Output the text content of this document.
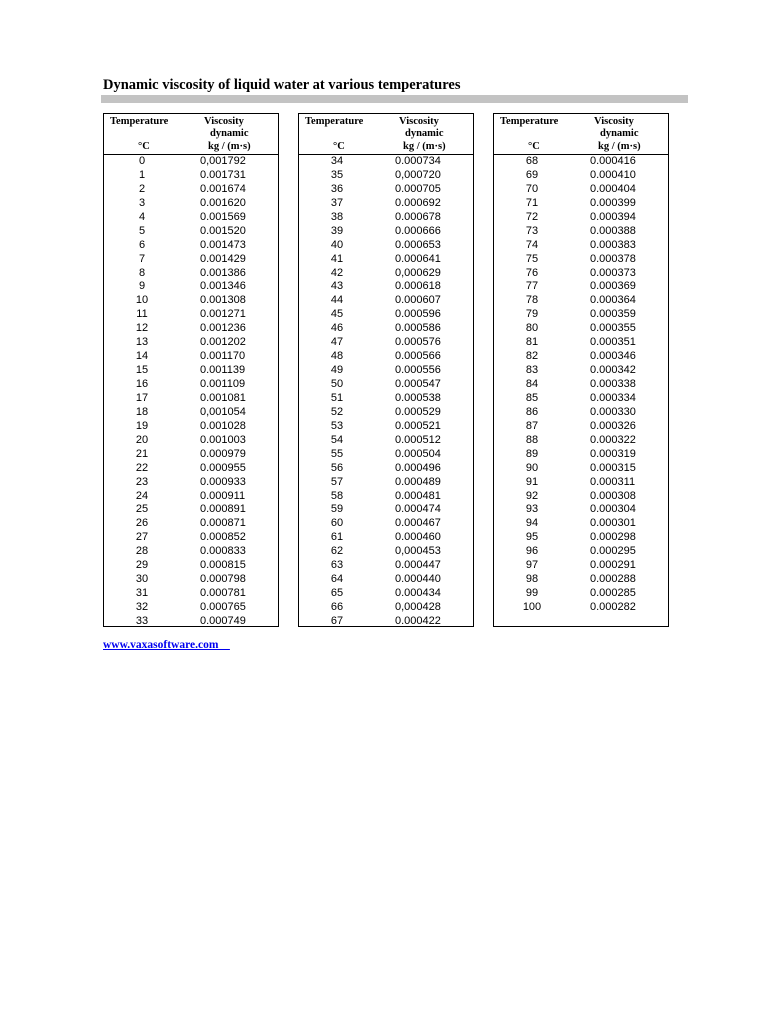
Dynamic viscosity of liquid water at various temperatures
Temperature	Viscosity
dynamic
°C	kg / (m·s)
0	0,001792
1	0.001731
2	0.001674
3	0.001620
4	0.001569
5	0.001520
6	0.001473
7	0.001429
8	0.001386
9	0.001346
10	0.001308
11	0.001271
12	0.001236
13	0.001202
14	0.001170
15	0.001139
16	0.001109
17	0.001081
18	0,001054
19	0.001028
20	0.001003
21	0.000979
22	0.000955
23	0.000933
24	0.000911
25	0.000891
26	0.000871
27	0.000852
28	0.000833
29	0.000815
30	0.000798
31	0.000781
32	0.000765
33	0.000749
Temperature	Viscosity
dynamic
°C	kg / (m·s)
34	0.000734
35	0,000720
36	0.000705
37	0.000692
38	0.000678
39	0.000666
40	0.000653
41	0.000641
42	0,000629
43	0.000618
44	0.000607
45	0.000596
46	0.000586
47	0.000576
48	0.000566
49	0.000556
50	0.000547
51	0.000538
52	0.000529
53	0.000521
54	0.000512
55	0.000504
56	0.000496
57	0.000489
58	0.000481
59	0.000474
60	0.000467
61	0.000460
62	0,000453
63	0.000447
64	0.000440
65	0.000434
66	0,000428
67	0.000422
Temperature	Viscosity
dynamic
°C	kg / (m·s)
68	0.000416
69	0.000410
70	0.000404
71	0.000399
72	0.000394
73	0.000388
74	0.000383
75	0.000378
76	0.000373
77	0.000369
78	0.000364
79	0.000359
80	0.000355
81	0.000351
82	0.000346
83	0.000342
84	0.000338
85	0.000334
86	0.000330
87	0.000326
88	0.000322
89	0.000319
90	0.000315
91	0.000311
92	0.000308
93	0.000304
94	0.000301
95	0.000298
96	0.000295
97	0.000291
98	0.000288
99	0.000285
100	0.000282
www.vaxasoftware.com
